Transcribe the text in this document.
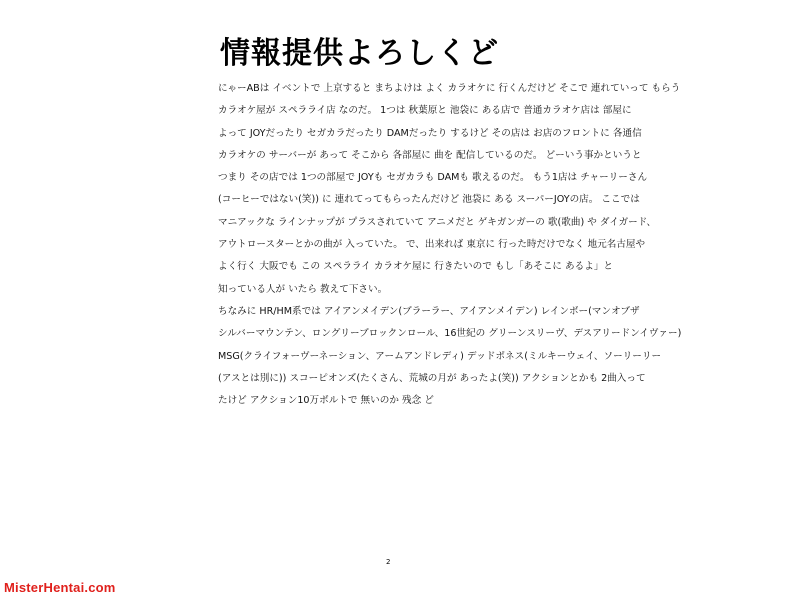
情報提供よろしくど
にゃーABは イベントで 上京すると まちよけは よく カラオケに 行くんだけど そこで 連れていって もらう
カラオケ屋が スペラライ店 なのだ。 1つは 秋葉原と 池袋に ある店で 普通カラオケ店は 部屋に
よって JOYだったり セガカラだったり DAMだったり するけど その店は お店のフロントに 各通信
カラオケの サーバーが あって そこから 各部屋に 曲を 配信しているのだ。 どーいう事かというと
つまり その店では 1つの部屋で JOYも セガカラも DAMも 歌えるのだ。 もう1店は チャーリーさん
(コーヒーではない(笑)) に 連れてってもらったんだけど 池袋に ある スーパーJOYの店。 ここでは
マニアックな ラインナップが プラスされていて アニメだと ゲキガンガーの 歌(歌曲) や ダイガード、
アウトロースターとかの曲が 入っていた。 で、出来れば 東京に 行った時だけでなく 地元名古屋や
よく行く 大阪でも この スペラライ カラオケ屋に 行きたいので もし「あそこに あるよ」と
知っている人が いたら 教えて下さい。
ちなみに HR/HM系では アイアンメイデン(ブラーラー、アイアンメイデン) レインボー(マンオブザ
シルバーマウンテン、ロングリーブロックンロール、16世紀の グリーンスリーヴ、デスアリードンイヴァー)
MSG(クライフォーヴーネーション、アームアンドレディ) デッドポネス(ミルキーウェイ、ソーリーリー
(アスとは別に)) スコーピオンズ(たくさん、荒城の月が あったよ(笑)) アクションとかも 2曲入って
たけど アクション10万ボルトで 無いのか 残念 ど
2
MisterHentai.com
